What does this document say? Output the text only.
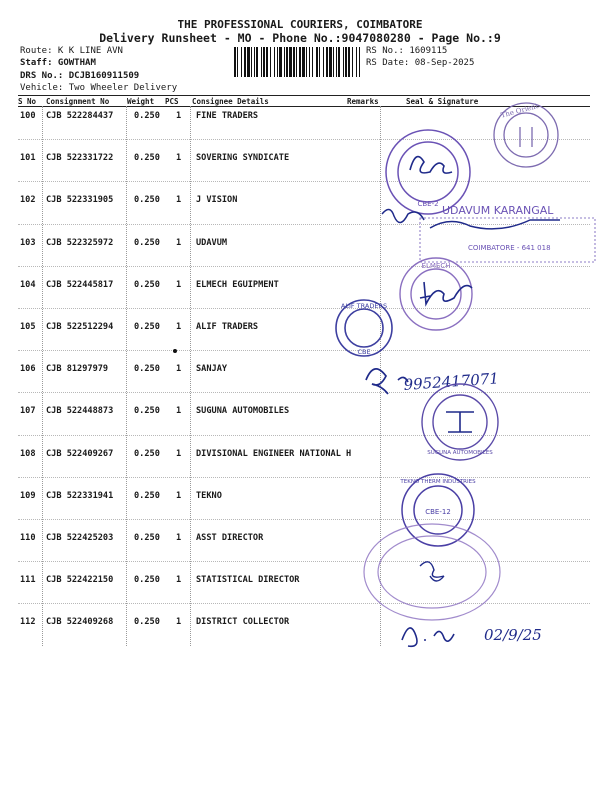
THE PROFESSIONAL COURIERS, COIMBATORE
Delivery Runsheet - MO - Phone No.:9047080280 - Page No.:9
Route: K K LINE AVN
Staff: GOWTHAM
DRS No.: DCJB160911509
Vehicle: Two Wheeler Delivery
RS No.: 1609115
RS Date: 08-Sep-2025
S No Consignment No Weight PCS Consignee Details	Remarks	Seal & Signature
100 CJB 522284437 0.250 1 FINE TRADERS
101 CJB 522331722 0.250 1 SOVERING SYNDICATE
102 CJB 522331905 0.250 1 J VISION
103 CJB 522325972 0.250 1 UDAVUM
104 CJB 522445817 0.250 1 ELMECH EGUIPMENT
105 CJB 522512294 0.250 1 ALIF TRADERS
106 CJB 81297979	0.250 1 SANJAY
107 CJB 522448873 0.250 1 SUGUNA AUTOMOBILES
108 CJB 522409267 0.250 1 DIVISIONAL ENGINEER NATIONAL H
109 CJB 522331941 0.250 1 TEKNO
110 CJB 522425203 0.250 1 ASST DIRECTOR
111 CJB 522422150 0.250 1 STATISTICAL DIRECTOR
112 CJB 522409268 0.250 1 DISTRICT COLLECTOR
The Orient
CBE-2 UDAVUM KARANGAL
COIMBATORE - 641 018
ELMECH
ALIF TRADERS
CBE
9952417071
SUGUNA AUTOMOBILES
TEKNO THERM INDUSTRIES
CBE-12
02/9/25
